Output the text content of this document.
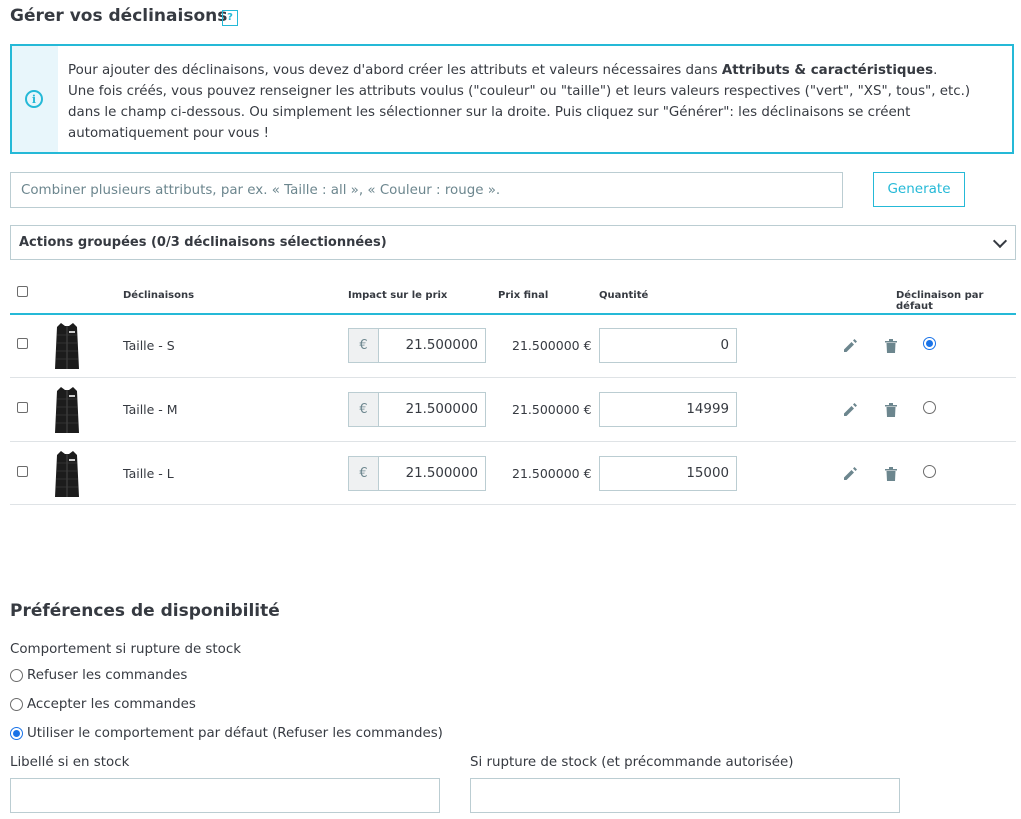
Gérer vos déclinaisons ?
i
Pour ajouter des déclinaisons, vous devez d'abord créer les attributs et valeurs nécessaires dans Attributs & caractéristiques.
Une fois créés, vous pouvez renseigner les attributs voulus ("couleur" ou "taille") et leurs valeurs respectives ("vert", "XS", tous", etc.) dans le champ ci-dessous. Ou simplement les sélectionner sur la droite. Puis cliquez sur "Générer": les déclinaisons se créent automatiquement pour vous !
Combiner plusieurs attributs, par ex. « Taille : all », « Couleur : rouge ».
Generate
Actions groupées (0/3 déclinaisons sélectionnées)
Déclinaisons	Impact sur le prix	Prix final	Quantité	Déclinaison par défaut
Taille - S	€	21.500000	21.500000 €	0
Taille - M	€	21.500000	21.500000 €	14999
Taille - L	€	21.500000	21.500000 €	15000
Préférences de disponibilité
Comportement si rupture de stock
Refuser les commandes
Accepter les commandes
Utiliser le comportement par défaut (Refuser les commandes)
Libellé si en stock	Si rupture de stock (et précommande autorisée)
